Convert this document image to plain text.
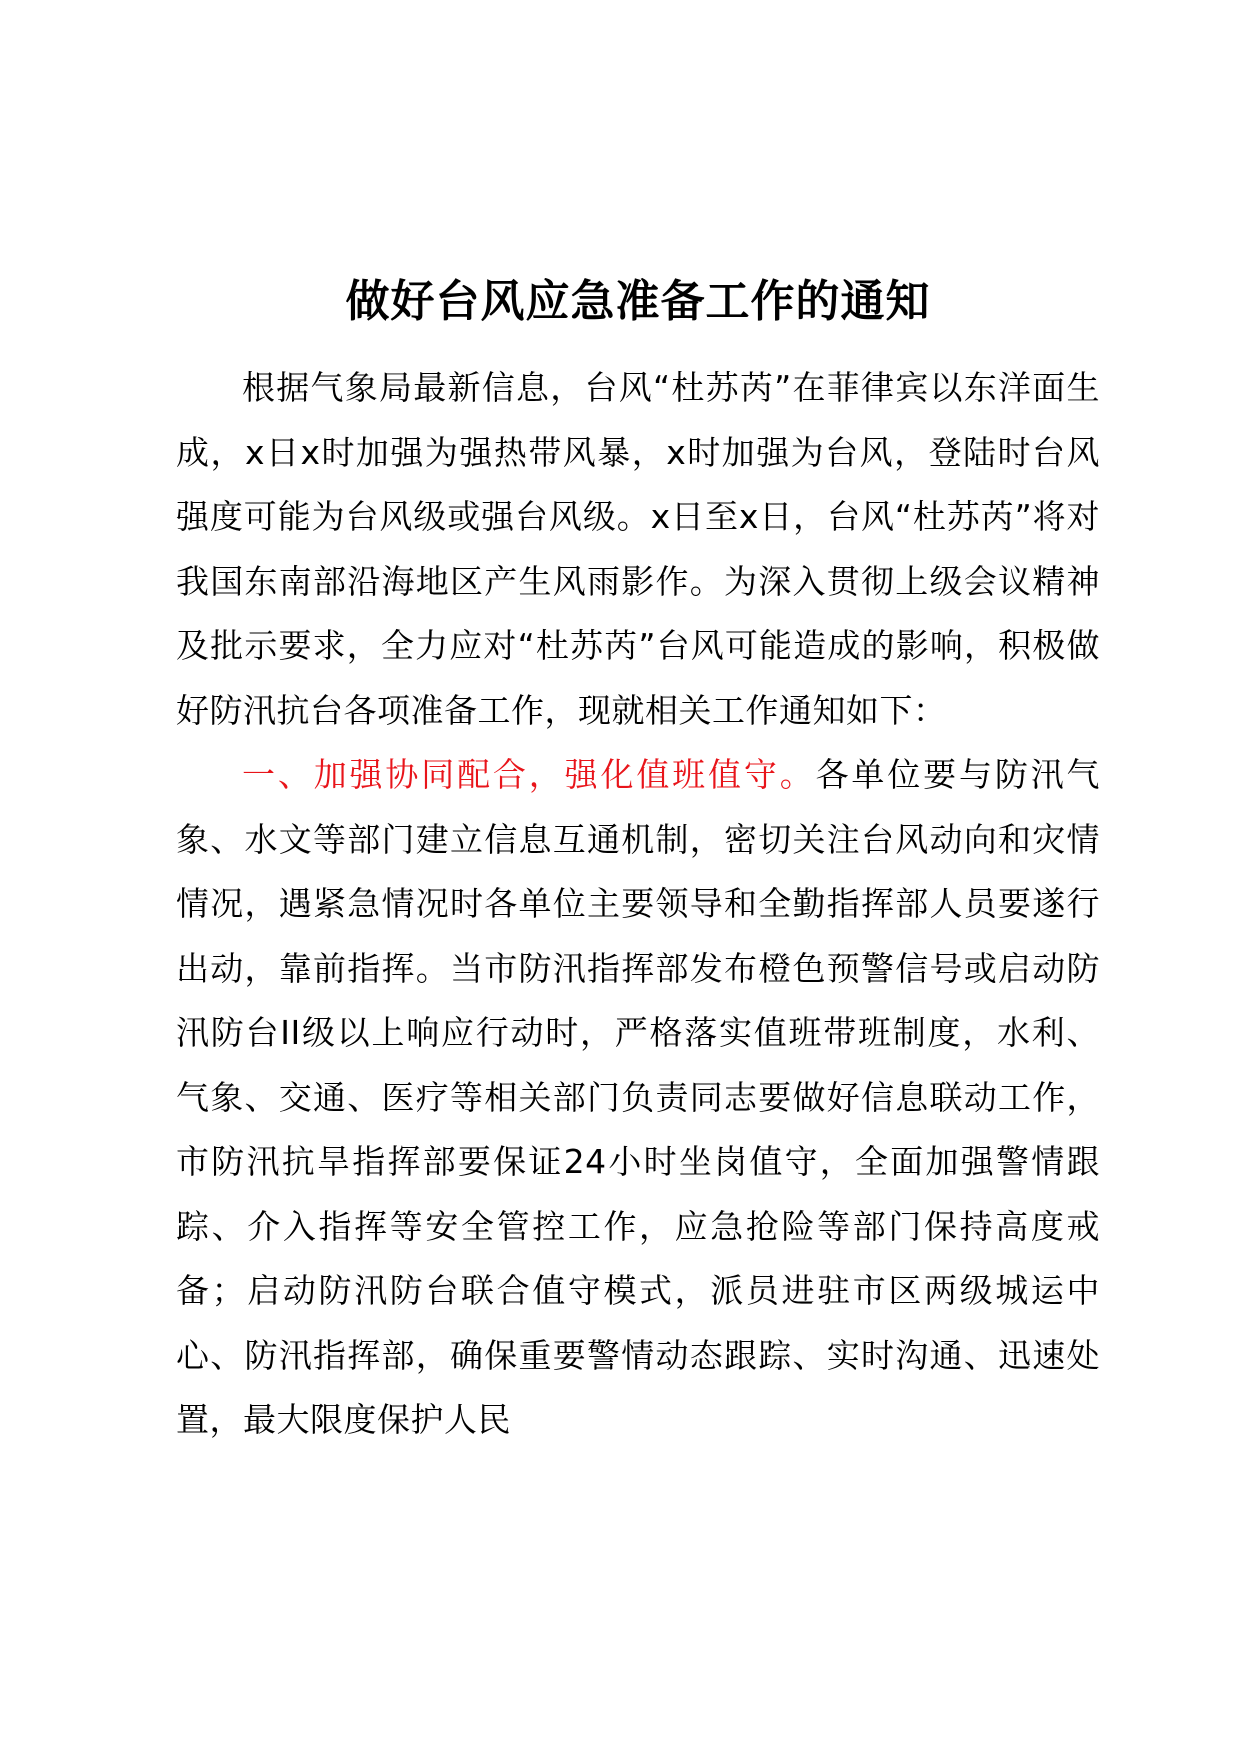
做好台风应急准备工作的通知

根据气象局最新信息，台风“杜苏芮”在菲律宾以东洋面生成，x日x时加强为强热带风暴，x时加强为台风，登陆时台风强度可能为台风级或强台风级。x日至x日，台风“杜苏芮”将对我国东南部沿海地区产生风雨影作。为深入贯彻上级会议精神及批示要求，全力应对“杜苏芮”台风可能造成的影响，积极做好防汛抗台各项准备工作，现就相关工作通知如下：

一、加强协同配合，强化值班值守。各单位要与防汛气象、水文等部门建立信息互通机制，密切关注台风动向和灾情情况，遇紧急情况时各单位主要领导和全勤指挥部人员要遂行出动，靠前指挥。当市防汛指挥部发布橙色预警信号或启动防汛防台II级以上响应行动时，严格落实值班带班制度，水利、气象、交通、医疗等相关部门负责同志要做好信息联动工作，市防汛抗旱指挥部要保证24小时坐岗值守，全面加强警情跟踪、介入指挥等安全管控工作，应急抢险等部门保持高度戒备；启动防汛防台联合值守模式，派员进驻市区两级城运中心、防汛指挥部，确保重要警情动态跟踪、实时沟通、迅速处置，最大限度保护人民
